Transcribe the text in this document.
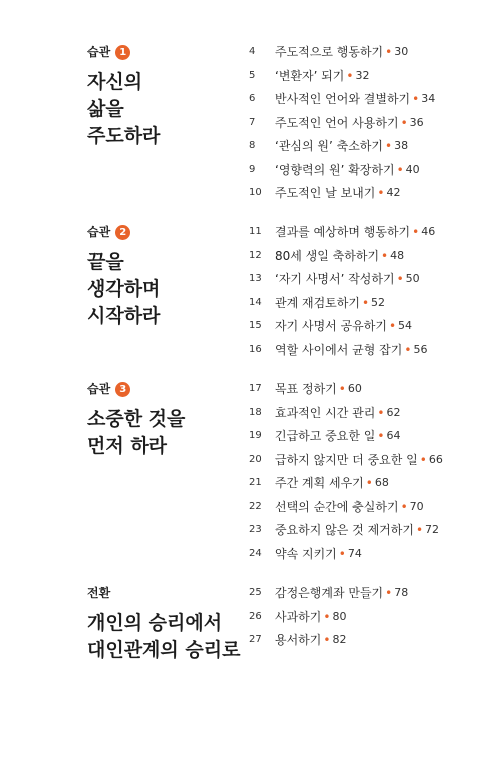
습관 1
자신의
삶을
주도하라
4	주도적으로 행동하기 • 30
5	‘변환자’ 되기 • 32
6	반사적인 언어와 결별하기 • 34
7	주도적인 언어 사용하기 • 36
8	‘관심의 원’ 축소하기 • 38
9	‘영향력의 원’ 확장하기 • 40
10	주도적인 날 보내기 • 42
습관 2
끝을
생각하며
시작하라
11	결과를 예상하며 행동하기 • 46
12	80세 생일 축하하기 • 48
13	‘자기 사명서’ 작성하기 • 50
14	관계 재검토하기 • 52
15	자기 사명서 공유하기 • 54
16	역할 사이에서 균형 잡기 • 56
습관 3
소중한 것을
먼저 하라
17	목표 정하기 • 60
18	효과적인 시간 관리 • 62
19	긴급하고 중요한 일 • 64
20	급하지 않지만 더 중요한 일 • 66
21	주간 계획 세우기 • 68
22	선택의 순간에 충실하기 • 70
23	중요하지 않은 것 제거하기 • 72
24	약속 지키기 • 74
전환
개인의 승리에서
대인관계의 승리로
25	감정은행계좌 만들기 • 78
26	사과하기 • 80
27	용서하기 • 82
